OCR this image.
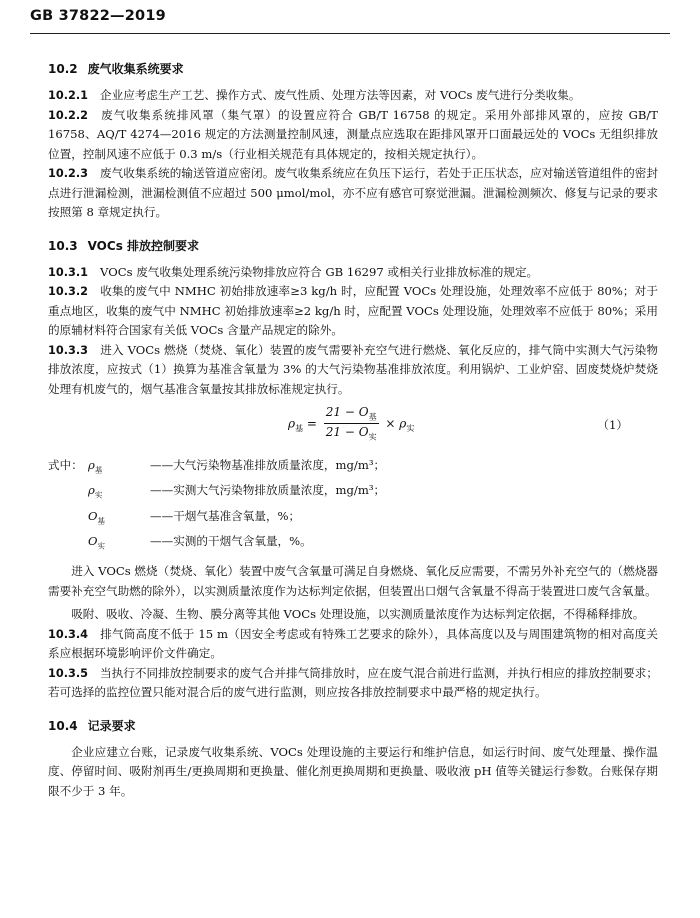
GB 37822—2019
10.2 废气收集系统要求

10.2.1 企业应考虑生产工艺、操作方式、废气性质、处理方法等因素，对 VOCs 废气进行分类收集。

10.2.2 废气收集系统排风罩（集气罩）的设置应符合 GB/T 16758 的规定。采用外部排风罩的，应按 GB/T 16758、AQ/T 4274—2016 规定的方法测量控制风速，测量点应选取在距排风罩开口面最远处的 VOCs 无组织排放位置，控制风速不应低于 0.3 m/s（行业相关规范有具体规定的，按相关规定执行）。

10.2.3 废气收集系统的输送管道应密闭。废气收集系统应在负压下运行，若处于正压状态，应对输送管道组件的密封点进行泄漏检测，泄漏检测值不应超过 500 μmol/mol，亦不应有感官可察觉泄漏。泄漏检测频次、修复与记录的要求按照第 8 章规定执行。

10.3 VOCs 排放控制要求

10.3.1 VOCs 废气收集处理系统污染物排放应符合 GB 16297 或相关行业排放标准的规定。

10.3.2 收集的废气中 NMHC 初始排放速率≥3 kg/h 时，应配置 VOCs 处理设施，处理效率不应低于 80%；对于重点地区，收集的废气中 NMHC 初始排放速率≥2 kg/h 时，应配置 VOCs 处理设施，处理效率不应低于 80%；采用的原辅材料符合国家有关低 VOCs 含量产品规定的除外。

10.3.3 进入 VOCs 燃烧（焚烧、氧化）装置的废气需要补充空气进行燃烧、氧化反应的，排气筒中实测大气污染物排放浓度，应按式（1）换算为基准含氧量为 3% 的大气污染物基准排放浓度。利用锅炉、工业炉窑、固废焚烧炉焚烧处理有机废气的，烟气基准含氧量按其排放标准规定执行。

$\rho_基 = \frac{21 - O_基}{21 - O_实} \times \rho_实$	（1）
式中： $\rho_基$	——大气污染物基准排放质量浓度，mg/m³；
$\rho_实$	——实测大气污染物排放质量浓度，mg/m³；
$O_基$	——干烟气基准含氧量，%；
$O_实$	——实测的干烟气含氧量，%。

进入 VOCs 燃烧（焚烧、氧化）装置中废气含氧量可满足自身燃烧、氧化反应需要，不需另外补充空气的（燃烧器需要补充空气助燃的除外），以实测质量浓度作为达标判定依据，但装置出口烟气含氧量不得高于装置进口废气含氧量。

吸附、吸收、冷凝、生物、膜分离等其他 VOCs 处理设施，以实测质量浓度作为达标判定依据，不得稀释排放。

10.3.4 排气筒高度不低于 15 m（因安全考虑或有特殊工艺要求的除外），具体高度以及与周围建筑物的相对高度关系应根据环境影响评价文件确定。

10.3.5 当执行不同排放控制要求的废气合并排气筒排放时，应在废气混合前进行监测，并执行相应的排放控制要求；若可选择的监控位置只能对混合后的废气进行监测，则应按各排放控制要求中最严格的规定执行。

10.4 记录要求

企业应建立台账，记录废气收集系统、VOCs 处理设施的主要运行和维护信息，如运行时间、废气处理量、操作温度、停留时间、吸附剂再生/更换周期和更换量、催化剂更换周期和更换量、吸收液 pH 值等关键运行参数。台账保存期限不少于 3 年。
